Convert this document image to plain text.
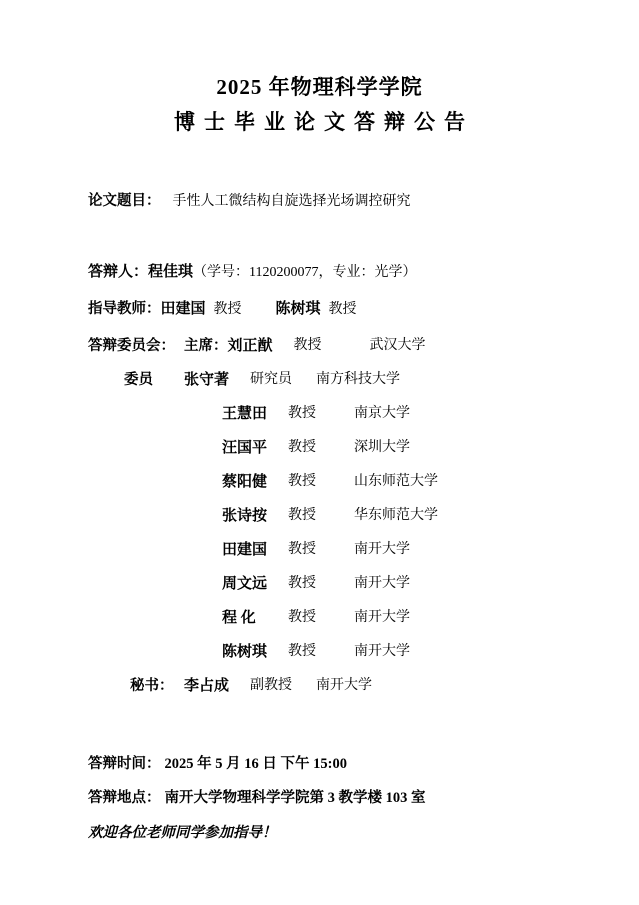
2025 年物理科学学院
博士毕业论文答辩公告
论文题目： 手性人工微结构自旋选择光场调控研究
答辩人： 程佳琪 （学号：1120200077，专业：光学）
指导教师： 田建国 教授 陈树琪 教授
答辩委员会： 主席： 刘正猷	教授	武汉大学
委员	张守著	研究员	南方科技大学
王慧田	教授	南京大学
汪国平	教授	深圳大学
蔡阳健	教授	山东师范大学
张诗按	教授	华东师范大学
田建国	教授	南开大学
周文远	教授	南开大学
程 化	教授	南开大学
陈树琪	教授	南开大学
秘书： 李占成	副教授	南开大学
答辩时间： 2025 年 5 月 16 日 下午 15:00
答辩地点： 南开大学物理科学学院第 3 教学楼 103 室
欢迎各位老师同学参加指导！
